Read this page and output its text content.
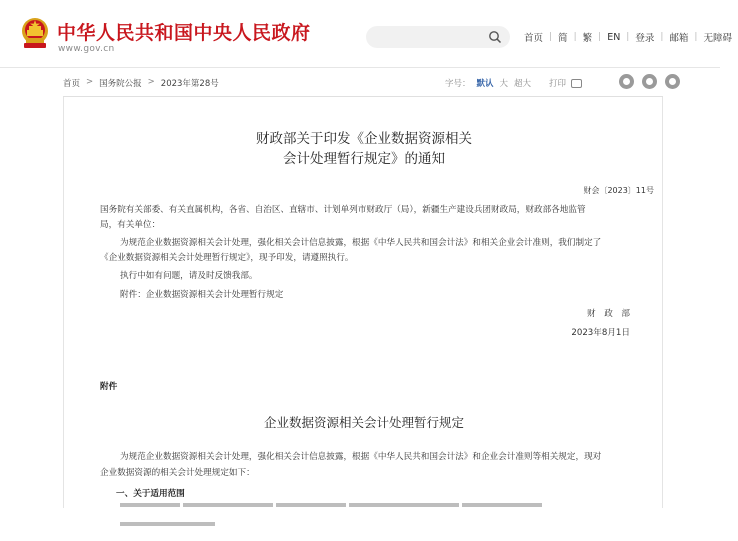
中华人民共和国中央人民政府
www.gov.cn
首页 | 简 | 繁 | EN | 登录 | 邮箱 | 无障碍
首页 > 国务院公报 > 2023年第28号	字号： 默认 大 超大 打印
财政部关于印发《企业数据资源相关
会计处理暂行规定》的通知
财会〔2023〕11号
国务院有关部委、有关直属机构，各省、自治区、直辖市、计划单列市财政厅（局），新疆生产建设兵团财政局，财政部各地监管
局，有关单位：
为规范企业数据资源相关会计处理，强化相关会计信息披露，根据《中华人民共和国会计法》和相关企业会计准则，我们制定了
《企业数据资源相关会计处理暂行规定》，现予印发，请遵照执行。
执行中如有问题，请及时反馈我部。
附件：企业数据资源相关会计处理暂行规定
财　政　部
2023年8月1日
附件
企业数据资源相关会计处理暂行规定
为规范企业数据资源相关会计处理，强化相关会计信息披露，根据《中华人民共和国会计法》和企业会计准则等相关规定，现对
企业数据资源的相关会计处理规定如下：
一、关于适用范围
